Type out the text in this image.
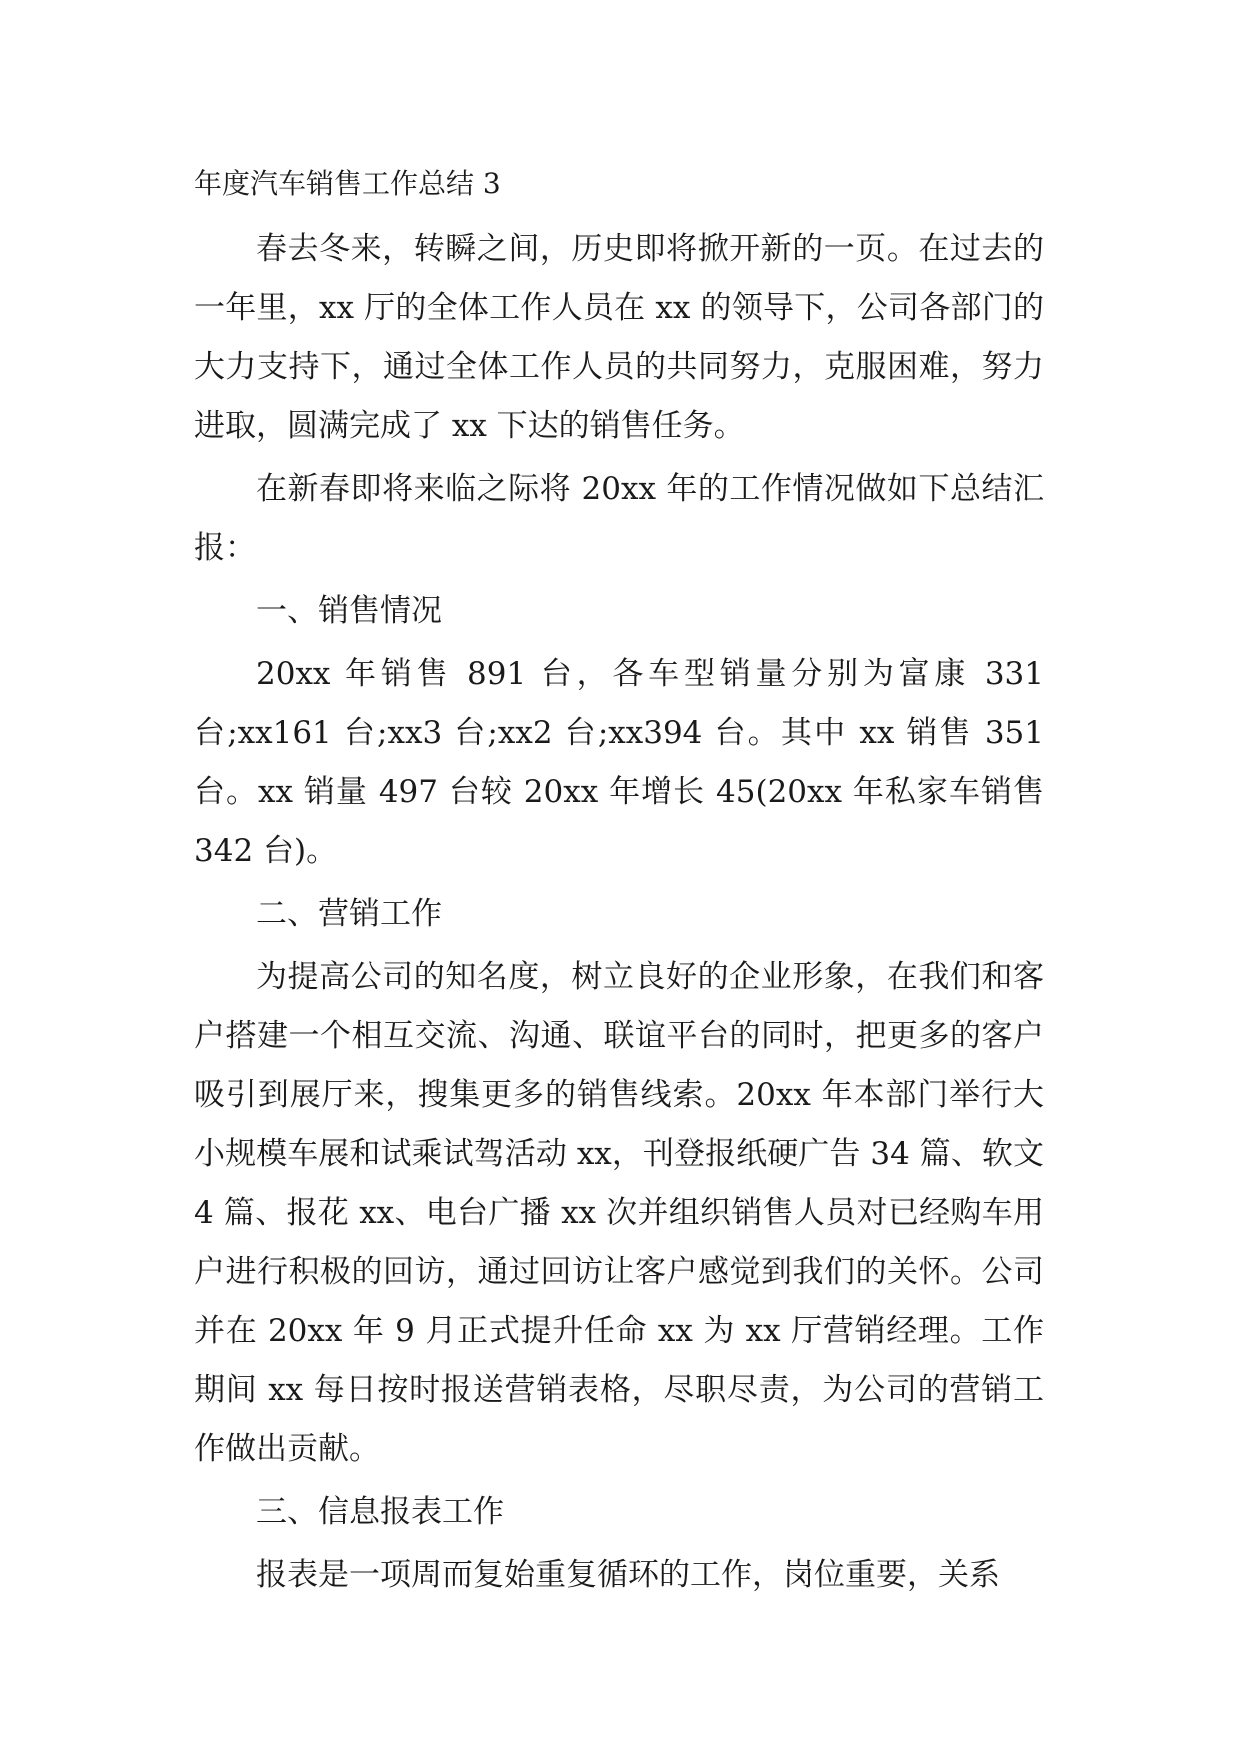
年度汽车销售工作总结 3

春去冬来，转瞬之间，历史即将掀开新的一页。在过去的一年里，xx 厅的全体工作人员在 xx 的领导下，公司各部门的大力支持下，通过全体工作人员的共同努力，克服困难，努力进取，圆满完成了 xx 下达的销售任务。

在新春即将来临之际将 20xx 年的工作情况做如下总结汇报：

一、销售情况

20xx 年销售 891 台，各车型销量分别为富康 331 台;xx161 台;xx3 台;xx2 台;xx394 台。其中 xx 销售 351 台。xx 销量 497 台较 20xx 年增长 45(20xx 年私家车销售 342 台)。

二、营销工作

为提高公司的知名度，树立良好的企业形象，在我们和客户搭建一个相互交流、沟通、联谊平台的同时，把更多的客户吸引到展厅来，搜集更多的销售线索。20xx 年本部门举行大小规模车展和试乘试驾活动 xx，刊登报纸硬广告 34 篇、软文 4 篇、报花 xx、电台广播 xx 次并组织销售人员对已经购车用户进行积极的回访，通过回访让客户感觉到我们的关怀。公司并在 20xx 年 9 月正式提升任命 xx 为 xx 厅营销经理。工作期间 xx 每日按时报送营销表格，尽职尽责，为公司的营销工作做出贡献。

三、信息报表工作

报表是一项周而复始重复循环的工作，岗位重要，关系
